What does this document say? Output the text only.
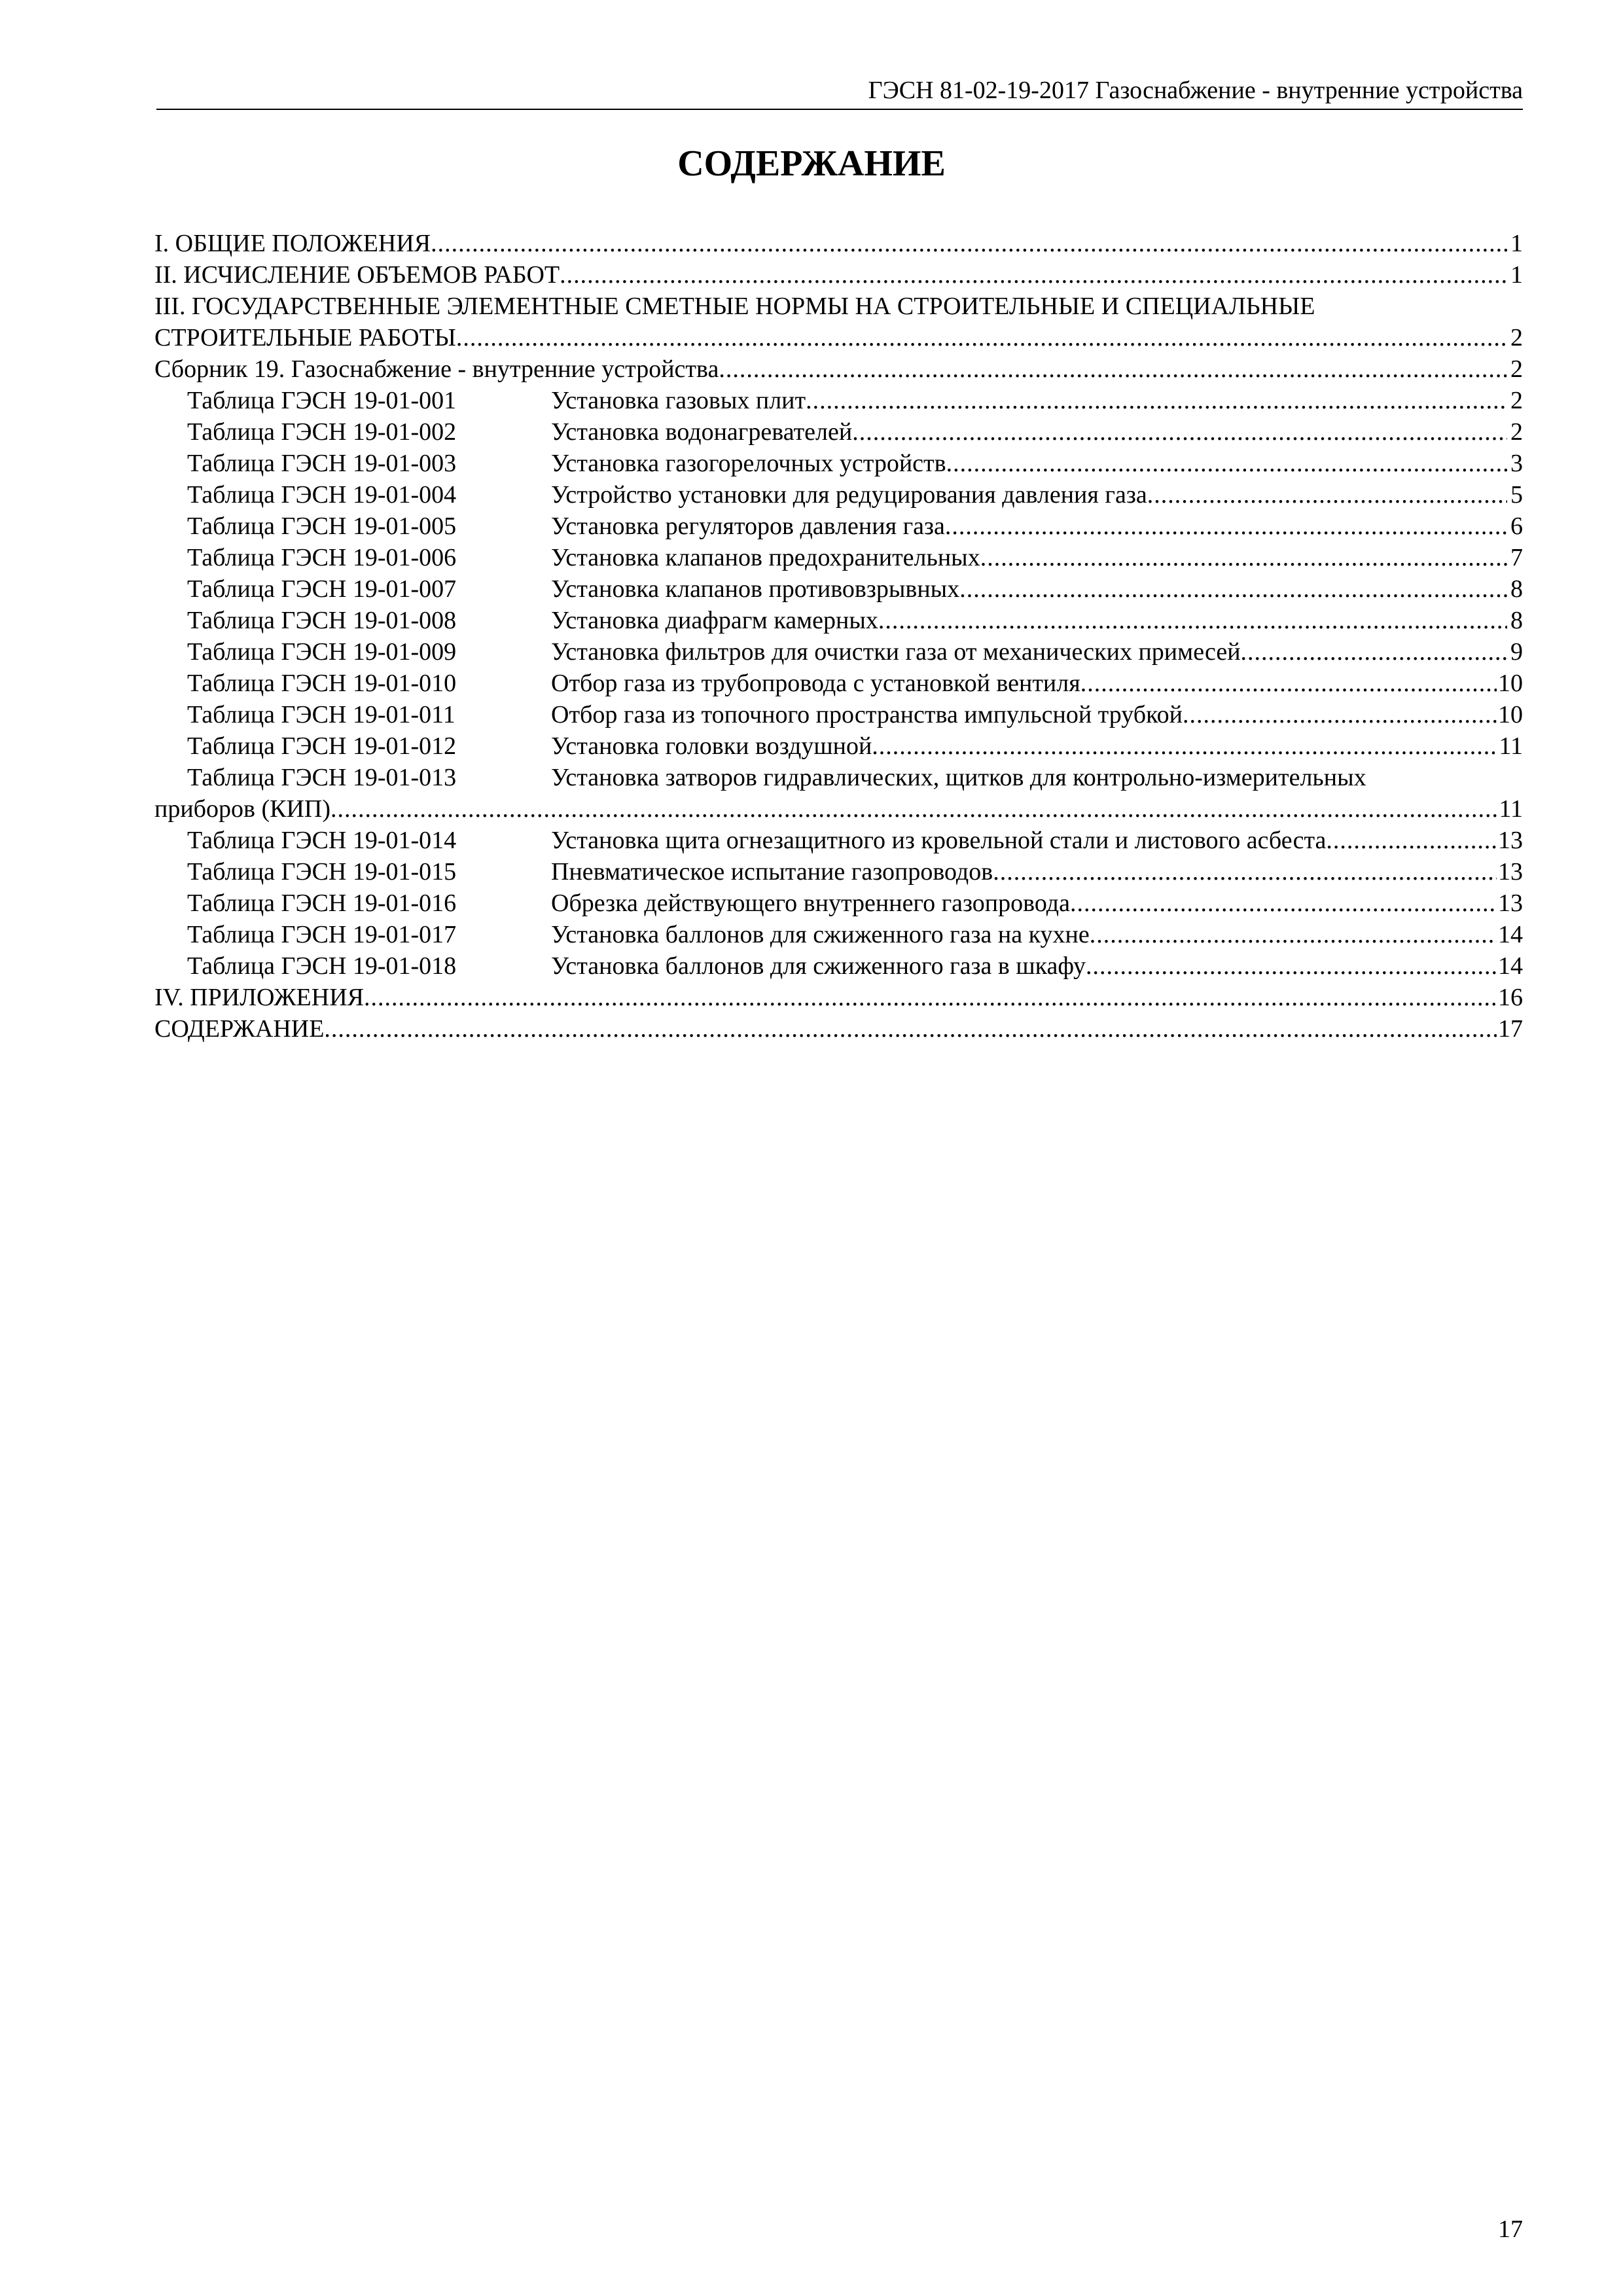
ГЭСН 81-02-19-2017 Газоснабжение - внутренние устройства
СОДЕРЖАНИЕ
I. ОБЩИЕ ПОЛОЖЕНИЯ .....	1
II. ИСЧИСЛЕНИЕ ОБЪЕМОВ РАБОТ .....	1
III. ГОСУДАРСТВЕННЫЕ ЭЛЕМЕНТНЫЕ СМЕТНЫЕ НОРМЫ НА СТРОИТЕЛЬНЫЕ И СПЕЦИАЛЬНЫЕ
СТРОИТЕЛЬНЫЕ РАБОТЫ .....	2
Сборник 19. Газоснабжение - внутренние устройства .....	2
Таблица ГЭСН 19-01-001	Установка газовых плит .....	2
Таблица ГЭСН 19-01-002	Установка водонагревателей .....	2
Таблица ГЭСН 19-01-003	Установка газогорелочных устройств .....	3
Таблица ГЭСН 19-01-004	Устройство установки для редуцирования давления газа .....	5
Таблица ГЭСН 19-01-005	Установка регуляторов давления газа .....	6
Таблица ГЭСН 19-01-006	Установка клапанов предохранительных .....	7
Таблица ГЭСН 19-01-007	Установка клапанов противовзрывных .....	8
Таблица ГЭСН 19-01-008	Установка диафрагм камерных .....	8
Таблица ГЭСН 19-01-009	Установка фильтров для очистки газа от механических примесей .....	9
Таблица ГЭСН 19-01-010	Отбор газа из трубопровода с установкой вентиля .....	10
Таблица ГЭСН 19-01-011	Отбор газа из топочного пространства импульсной трубкой .....	10
Таблица ГЭСН 19-01-012	Установка головки воздушной .....	11
Таблица ГЭСН 19-01-013	Установка затворов гидравлических, щитков для контрольно-измерительных
приборов (КИП) .....	11
Таблица ГЭСН 19-01-014	Установка щита огнезащитного из кровельной стали и листового асбеста .....	13
Таблица ГЭСН 19-01-015	Пневматическое испытание газопроводов .....	13
Таблица ГЭСН 19-01-016	Обрезка действующего внутреннего газопровода .....	13
Таблица ГЭСН 19-01-017	Установка баллонов для сжиженного газа на кухне .....	14
Таблица ГЭСН 19-01-018	Установка баллонов для сжиженного газа в шкафу .....	14
IV. ПРИЛОЖЕНИЯ .....	16
СОДЕРЖАНИЕ .....	17
17
